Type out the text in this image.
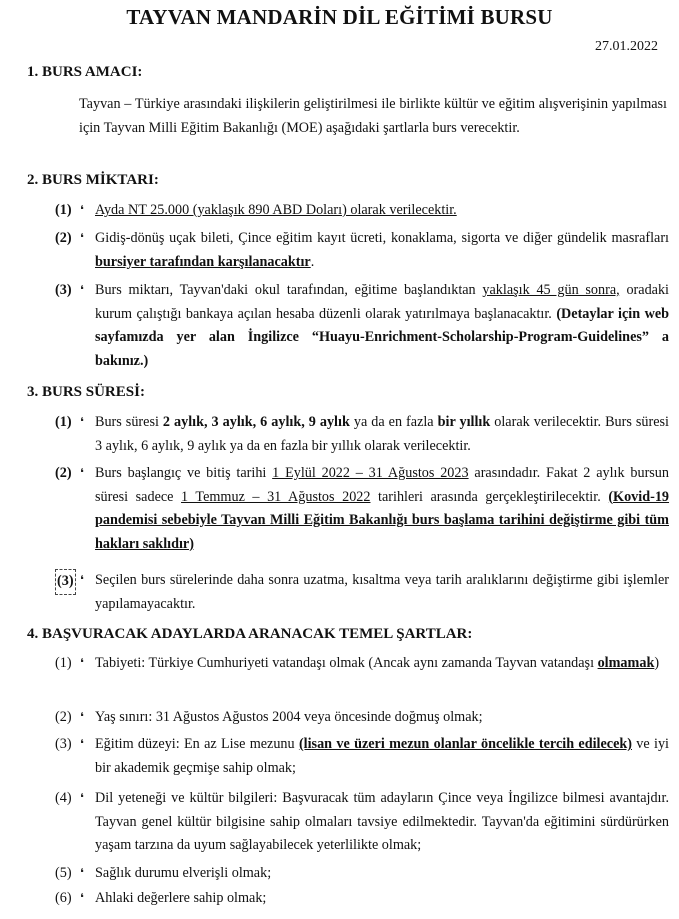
TAYVAN MANDARİN DİL EĞİTİMİ BURSU
27.01.2022
1. BURS AMACI:
Tayvan – Türkiye arasındaki ilişkilerin geliştirilmesi ile birlikte kültür ve eğitim alışverişinin yapılması için Tayvan Milli Eğitim Bakanlığı (MOE) aşağıdaki şartlarla burs verecektir.
2. BURS MİKTARI:
(1) ❛ Ayda NT 25.000 (yaklaşık 890 ABD Doları) olarak verilecektir.
(2) ❛ Gidiş-dönüş uçak bileti, Çince eğitim kayıt ücreti, konaklama, sigorta ve diğer gündelik masrafları bursiyer tarafından karşılanacaktır.
(3) ❛ Burs miktarı, Tayvan'daki okul tarafından, eğitime başlandıktan yaklaşık 45 gün sonra, oradaki kurum çalıştığı bankaya açılan hesaba düzenli olarak yatırılmaya başlanacaktır. (Detaylar için web sayfamızda yer alan İngilizce “Huayu-Enrichment-Scholarship-Program-Guidelines” a bakınız.)
3. BURS SÜRESİ:
(1) ❛ Burs süresi 2 aylık, 3 aylık, 6 aylık, 9 aylık ya da en fazla bir yıllık olarak verilecektir. Burs süresi 3 aylık, 6 aylık, 9 aylık ya da en fazla bir yıllık olarak verilecektir.
(2) ❛ Burs başlangıç ve bitiş tarihi 1 Eylül 2022 – 31 Ağustos 2023 arasındadır. Fakat 2 aylık bursun süresi sadece 1 Temmuz – 31 Ağustos 2022 tarihleri arasında gerçekleştirilecektir. (Kovid-19 pandemisi sebebiyle Tayvan Milli Eğitim Bakanlığı burs başlama tarihini değiştirme gibi tüm hakları saklıdır)
(3) ❛ Seçilen burs sürelerinde daha sonra uzatma, kısaltma veya tarih aralıklarını değiştirme gibi işlemler yapılamayacaktır.
4. BAŞVURACAK ADAYLARDA ARANACAK TEMEL ŞARTLAR:
(1) ❛ Tabiyeti: Türkiye Cumhuriyeti vatandaşı olmak (Ancak aynı zamanda Tayvan vatandaşı olmamak)
(2) ❛ Yaş sınırı: 31 Ağustos Ağustos 2004 veya öncesinde doğmuş olmak;
(3) ❛ Eğitim düzeyi: En az Lise mezunu (lisan ve üzeri mezun olanlar öncelikle tercih edilecek) ve iyi bir akademik geçmişe sahip olmak;
(4) ❛ Dil yeteneği ve kültür bilgileri: Başvuracak tüm adayların Çince veya İngilizce bilmesi avantajdır. Tayvan genel kültür bilgisine sahip olmaları tavsiye edilmektedir. Tayvan'da eğitimini sürdürürken yaşam tarzına da uyum sağlayabilecek yeterlilikte olmak;
(5) ❛ Sağlık durumu elverişli olmak;
(6) ❛ Ahlaki değerlere sahip olmak;
